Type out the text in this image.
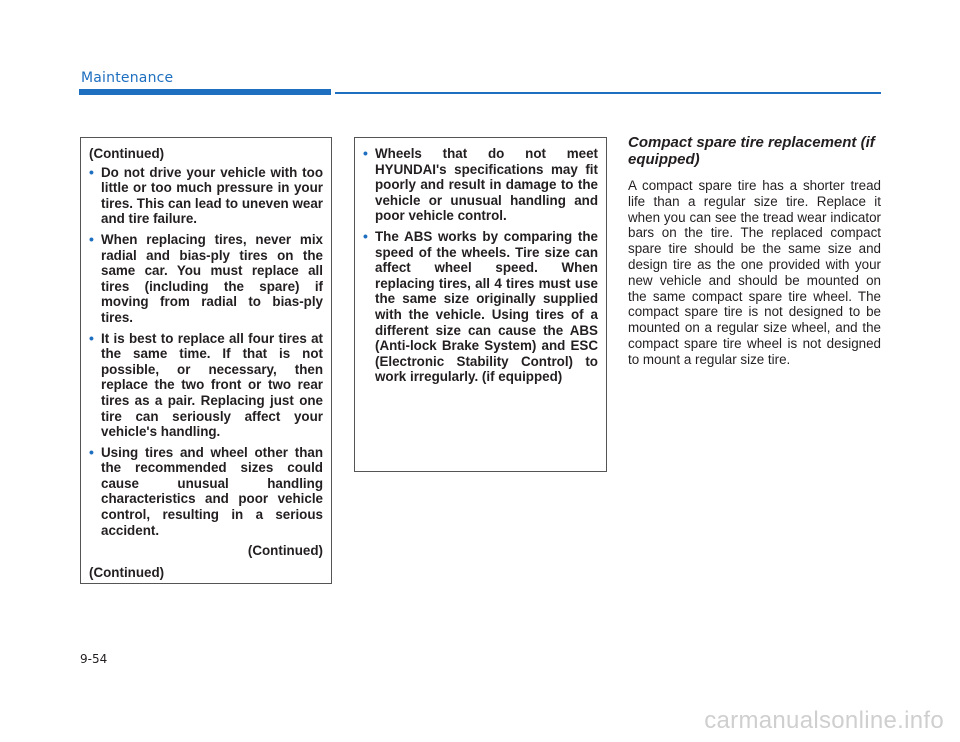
Maintenance

(Continued)

• Do not drive your vehicle with too little or too much pressure in your tires. This can lead to uneven wear and tire failure.
• When replacing tires, never mix radial and bias-ply tires on the same car. You must replace all tires (including the spare) if moving from radial to bias-ply tires.
• It is best to replace all four tires at the same time. If that is not possible, or necessary, then replace the two front or two rear tires as a pair. Replacing just one tire can seriously affect your vehicle's handling.
• Using tires and wheel other than the recommended sizes could cause unusual handling characteristics and poor vehicle control, resulting in a serious accident.

(Continued)

(Continued)

• Wheels that do not meet HYUNDAI's specifications may fit poorly and result in damage to the vehicle or unusual handling and poor vehicle control.
• The ABS works by comparing the speed of the wheels. Tire size can affect wheel speed. When replacing tires, all 4 tires must use the same size originally supplied with the vehicle. Using tires of a different size can cause the ABS (Anti-lock Brake System) and ESC (Electronic Stability Control) to work irregularly. (if equipped)

Compact spare tire replacement (if equipped)

A compact spare tire has a shorter tread life than a regular size tire. Replace it when you can see the tread wear indicator bars on the tire. The replaced compact spare tire should be the same size and design tire as the one provided with your new vehicle and should be mounted on the same compact spare tire wheel. The compact spare tire is not designed to be mounted on a regular size wheel, and the compact spare tire wheel is not designed to mount a regular size tire.

9-54
carmanualsonline.info
